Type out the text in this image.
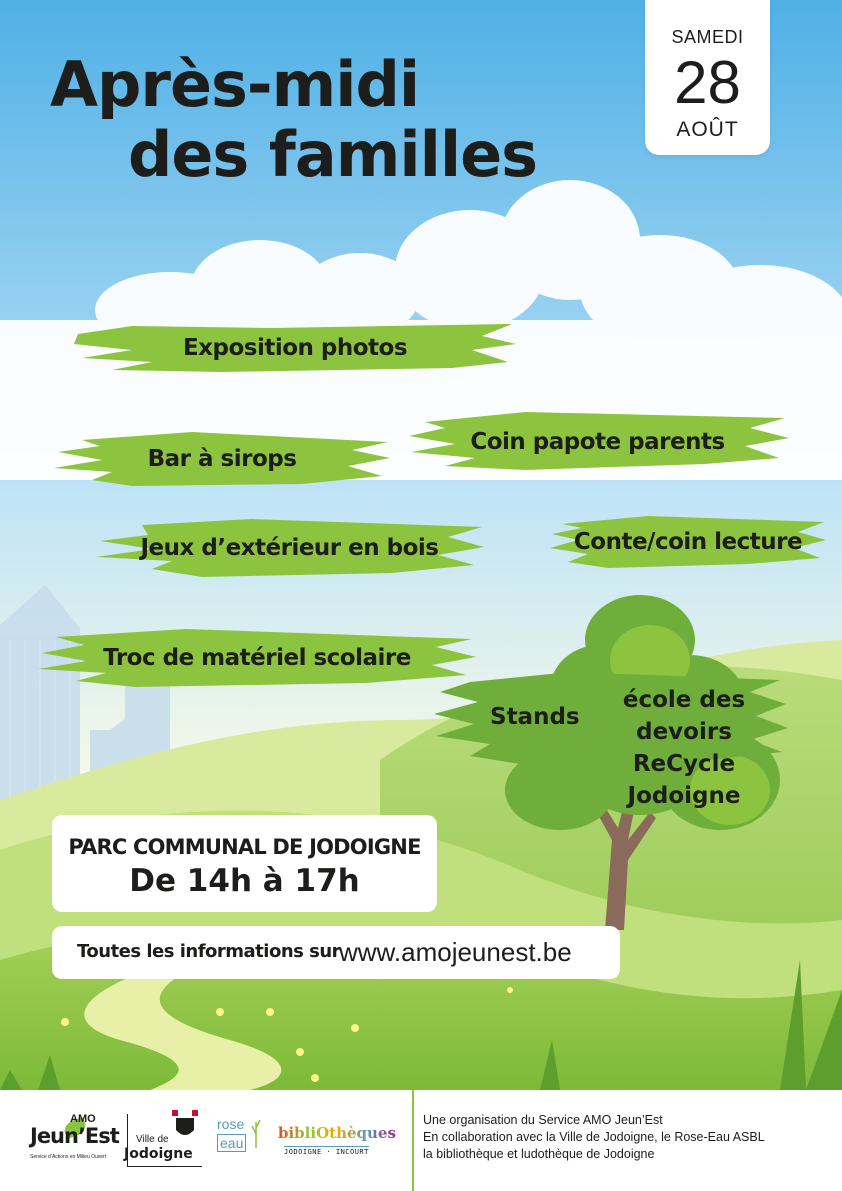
Après-midi
des familles
SAMEDI
28
AOÛT
Exposition photos
Coin papote parents
Bar à sirops
Jeux d’extérieur en bois	Conte/coin lecture
Troc de matériel scolaire
Stands
école des devoirs
ReCycle Jodoigne
PARC COMMUNAL DE JODOIGNE
De 14h à 17h
Toutes les informations sur
www.amojeunest.be
AMO
Jeun’Est
Service d’Actions en Milieu Ouvert
Ville de
Jodoigne
rose
eau
bibliOthèques
JODOIGNE · INCOURT
Une organisation du Service AMO Jeun’Est
En collaboration avec la Ville de Jodoigne, le Rose-Eau ASBL
la bibliothèque et ludothèque de Jodoigne
